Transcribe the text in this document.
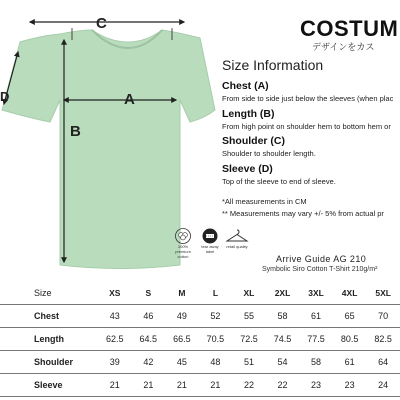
C
A
B
D
COSTUM
デザインをカス
Size Information
Chest (A)
From side to side just below the sleeves (when plac
Length (B)
From high point on shoulder hem to bottom hem or
Shoulder (C)
Shoulder to shoulder length.
Sleeve (D)
Top of the sleeve to end of sleeve.
*All measurements in CM
** Measurements may vary +/- 5% from actual pr
100%
premium
cotton
tear away
label
retail quality
Arrive Guide AG 210
Symbolic Siro Cotton T-Shirt 210g/m²
Size	XS	S	M	L	XL	2XL	3XL	4XL	5XL
Chest	43	46	49	52	55	58	61	65	70
Length	62.5	64.5	66.5	70.5	72.5	74.5	77.5	80.5	82.5
Shoulder	39	42	45	48	51	54	58	61	64
Sleeve	21	21	21	21	22	22	23	23	24
